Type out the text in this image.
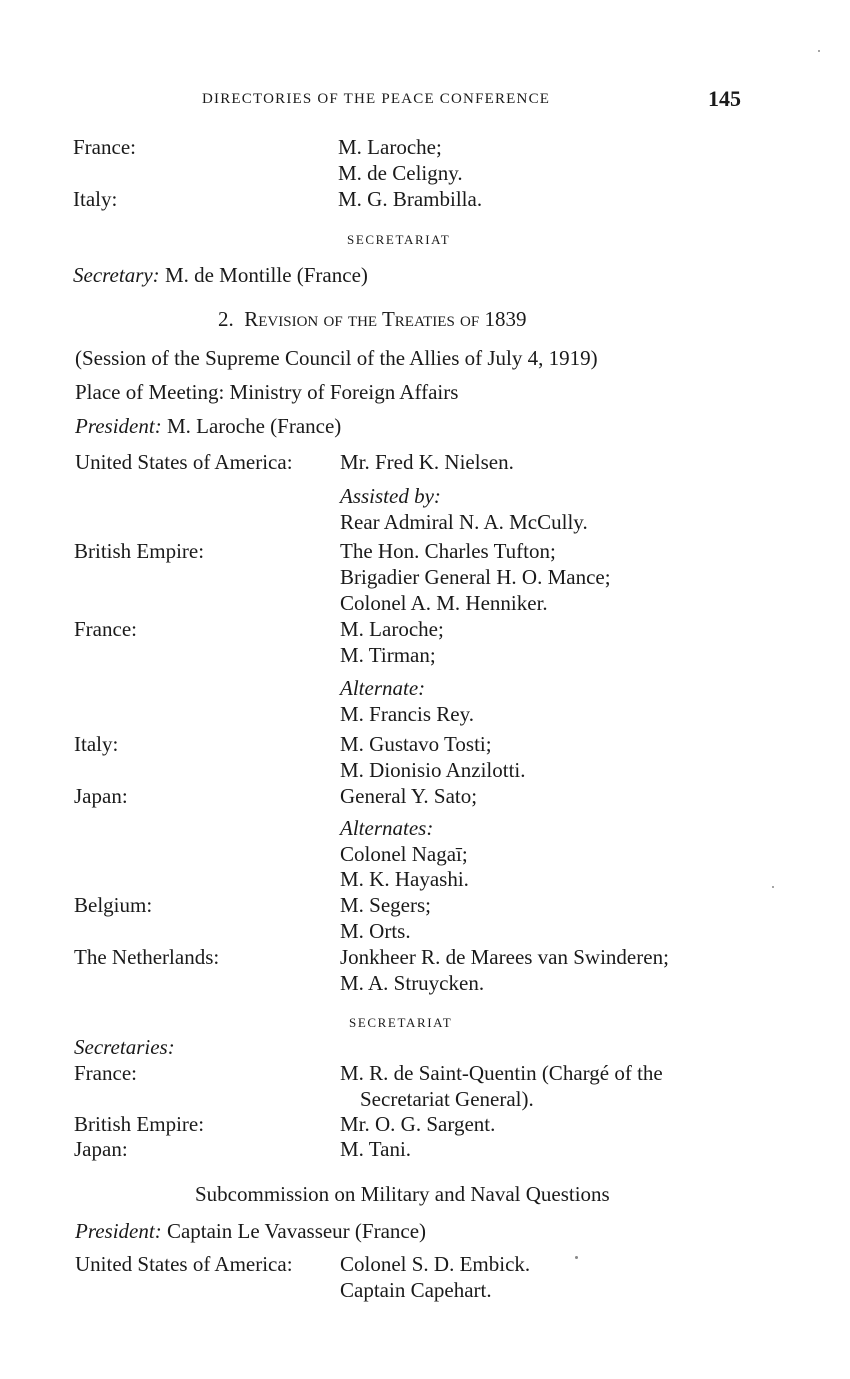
DIRECTORIES OF THE PEACE CONFERENCE	145
France:	M. Laroche;
M. de Celigny.
Italy:	M. G. Brambilla.
SECRETARIAT
Secretary: M. de Montille (France)
2. Revision of the Treaties of 1839
(Session of the Supreme Council of the Allies of July 4, 1919)
Place of Meeting: Ministry of Foreign Affairs
President: M. Laroche (France)
United States of America: Mr. Fred K. Nielsen.
Assisted by:
Rear Admiral N. A. McCully.
British Empire:	The Hon. Charles Tufton;
Brigadier General H. O. Mance;
Colonel A. M. Henniker.
France:	M. Laroche;
M. Tirman;
Alternate:
M. Francis Rey.
Italy:	M. Gustavo Tosti;
M. Dionisio Anzilotti.
Japan:	General Y. Sato;
Alternates:
Colonel Nagaī;
M. K. Hayashi.
Belgium:	M. Segers;
M. Orts.
The Netherlands:	Jonkheer R. de Marees van Swinderen;
M. A. Struycken.
SECRETARIAT
Secretaries:
France:	M. R. de Saint-Quentin (Chargé of the
Secretariat General).
British Empire:	Mr. O. G. Sargent.
Japan:	M. Tani.
Subcommission on Military and Naval Questions
President: Captain Le Vavasseur (France)
United States of America: Colonel S. D. Embick.
Captain Capehart.
